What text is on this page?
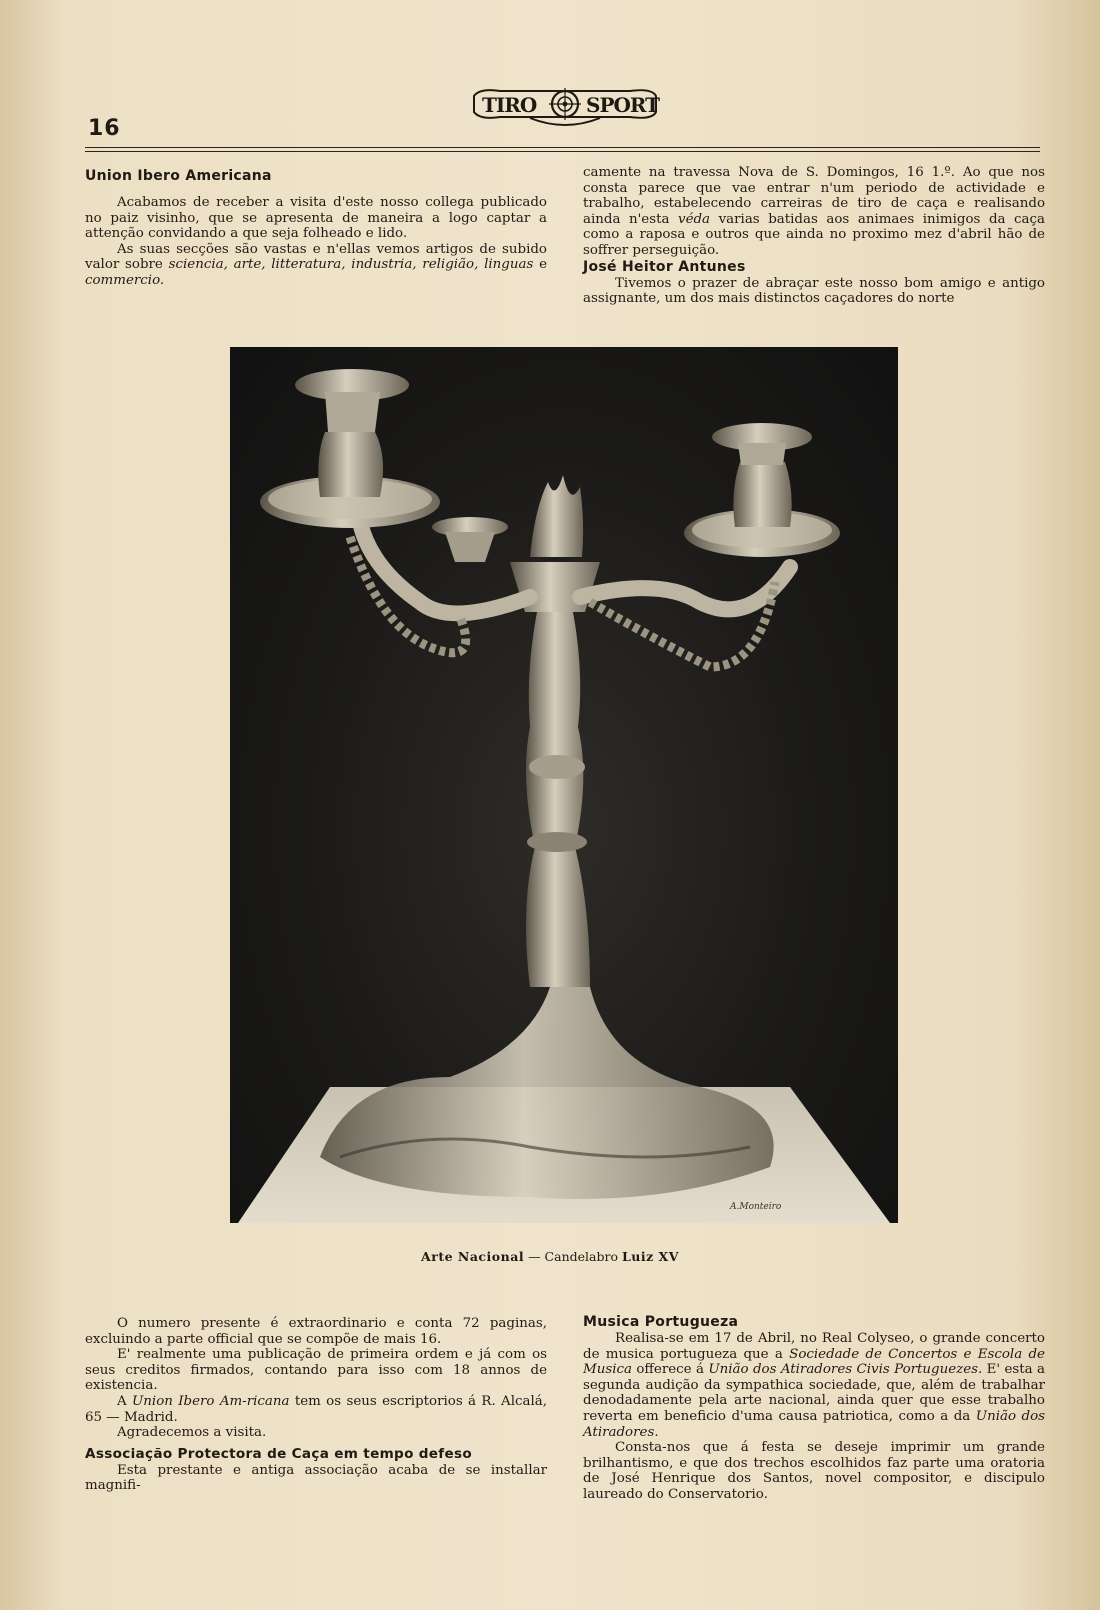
TIRO SPORT
16
Union Ibero Americana

Acabamos de receber a visita d'este nosso collega publicado no paiz visinho, que se apresenta de maneira a logo captar a attenção convidando a que seja folheado e lido.

As suas secções são vastas e n'ellas vemos artigos de subido valor sobre sciencia, arte, litteratura, industria, religião, linguas e commercio.

camente na travessa Nova de S. Domingos, 16 1.º. Ao que nos consta parece que vae entrar n'um periodo de actividade e trabalho, estabelecendo carreiras de tiro de caça e realisando ainda n'esta véda varias batidas aos animaes inimigos da caça como a raposa e outros que ainda no proximo mez d'abril hão de soffrer perseguição.

José Heitor Antunes

Tivemos o prazer de abraçar este nosso bom amigo e antigo assignante, um dos mais distinctos caçadores do norte

A.Monteiro
Arte Nacional — Candelabro Luiz XV

O numero presente é extraordinario e conta 72 paginas, excluindo a parte official que se compõe de mais 16.

E' realmente uma publicação de primeira ordem e já com os seus creditos firmados, contando para isso com 18 annos de existencia.

A Union Ibero Am-ricana tem os seus escriptorios á R. Alcalá, 65 — Madrid.

Agradecemos a visita.

Associação Protectora de Caça em tempo defeso

Esta prestante e antiga associação acaba de se installar magnifi-

Musica Portugueza

Realisa-se em 17 de Abril, no Real Colyseo, o grande concerto de musica portugueza que a Sociedade de Concertos e Escola de Musica offerece á União dos Atiradores Civis Portuguezes. E' esta a segunda audição da sympathica sociedade, que, além de trabalhar denodadamente pela arte nacional, ainda quer que esse trabalho reverta em beneficio d'uma causa patriotica, como a da União dos Atiradores.

Consta-nos que á festa se deseje imprimir um grande brilhantismo, e que dos trechos escolhidos faz parte uma oratoria de José Henrique dos Santos, novel compositor, e discipulo laureado do Conservatorio.
